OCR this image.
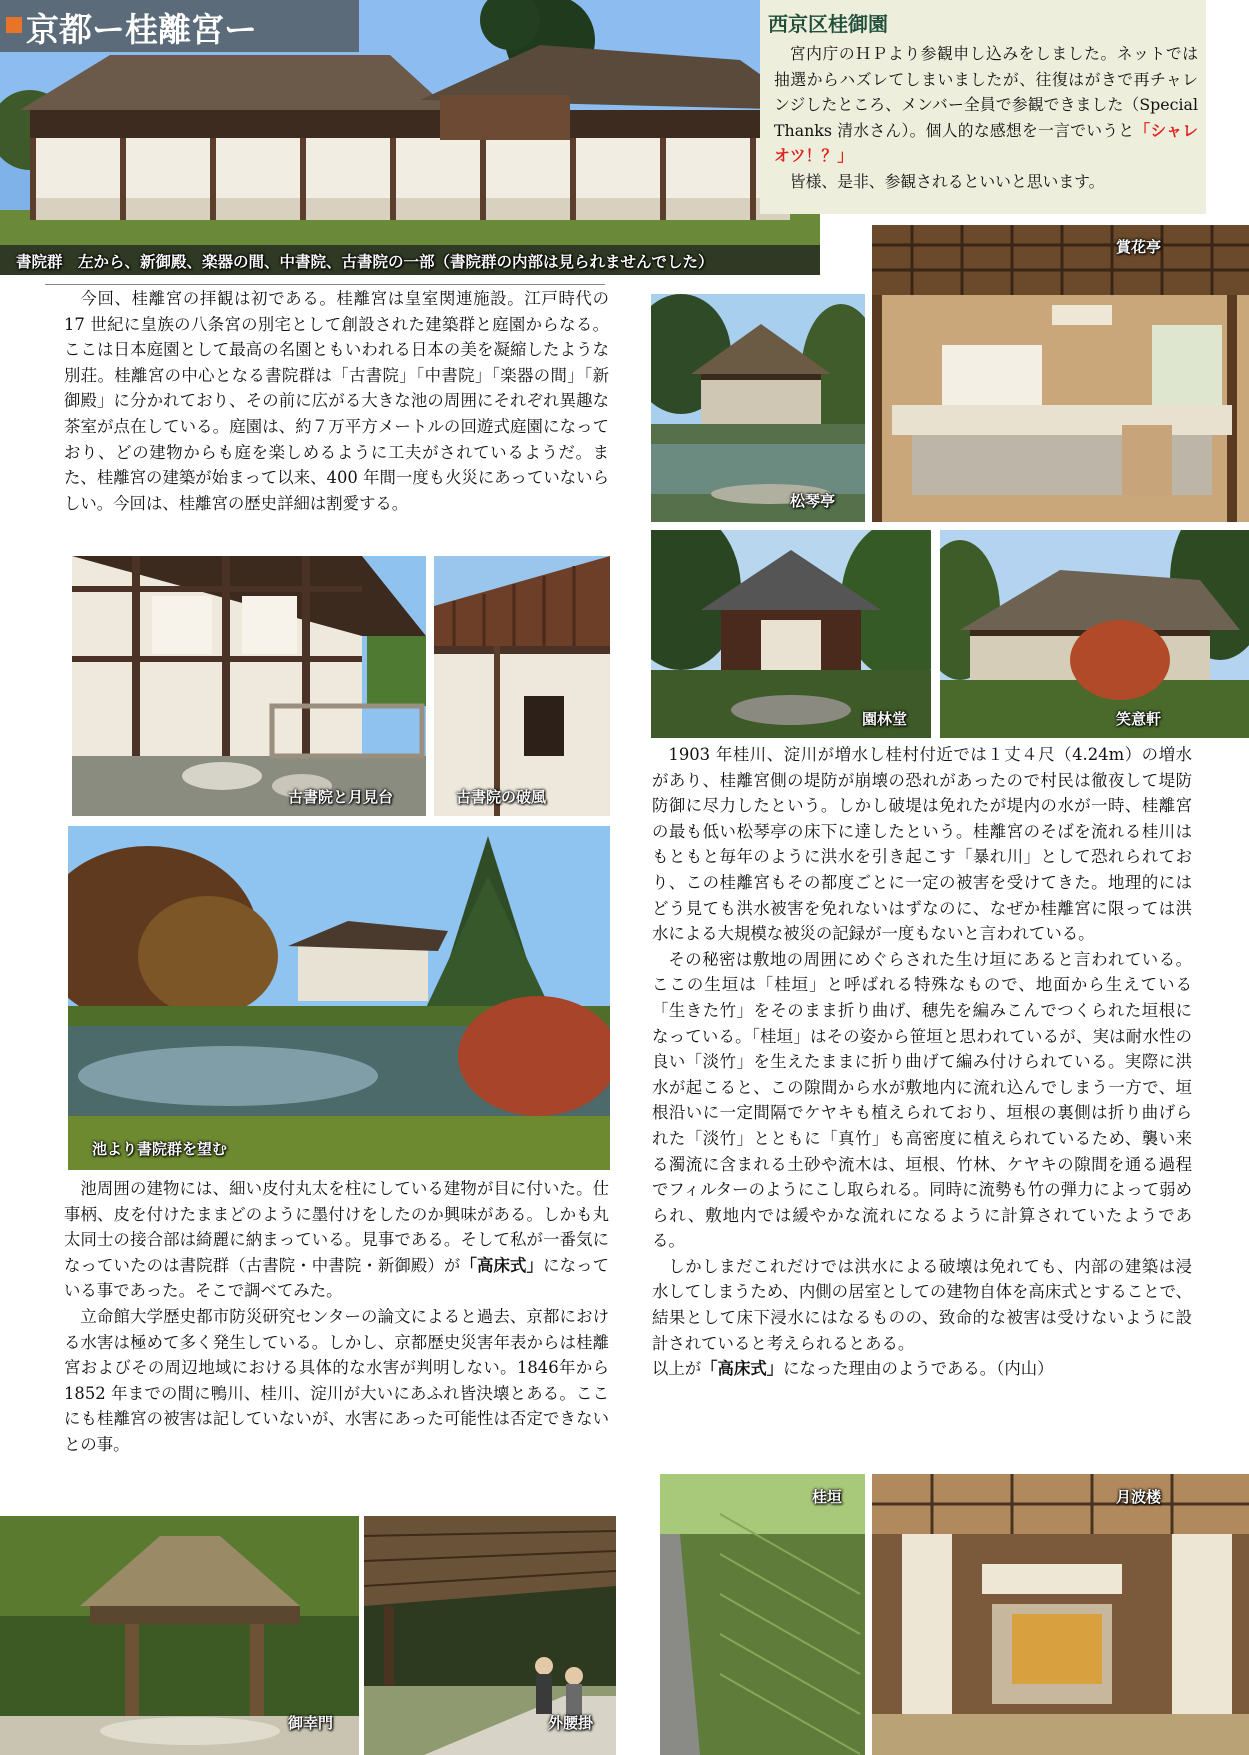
書院群　左から、新御殿、楽器の間、中書院、古書院の一部（書院群の内部は見られませんでした）
京都ー桂離宮ー	西京区桂御園

宮内庁のＨＰより参観申し込みをしました。ネットでは抽選からハズレてしまいましたが、往復はがきで再チャレンジしたところ、メンバー全員で参観できました（Special Thanks 清水さん）。個人的な感想を一言でいうと「シャレオツ！？」

皆様、是非、参観されるといいと思います。

今回、桂離宮の拝観は初である。桂離宮は皇室関連施設。江戸時代の 17 世紀に皇族の八条宮の別宅として創設された建築群と庭園からなる。ここは日本庭園として最高の名園ともいわれる日本の美を凝縮したような別荘。桂離宮の中心となる書院群は「古書院」「中書院」「楽器の間」「新御殿」に分かれており、その前に広がる大きな池の周囲にそれぞれ異趣な茶室が点在している。庭園は、約７万平方メートルの回遊式庭園になっており、どの建物からも庭を楽しめるように工夫がされているようだ。また、桂離宮の建築が始まって以来、400 年間一度も火災にあっていないらしい。今回は、桂離宮の歴史詳細は割愛する。

古書院と月見台	古書院の破風
池より書院群を望む

池周囲の建物には、細い皮付丸太を柱にしている建物が目に付いた。仕事柄、皮を付けたままどのように墨付けをしたのか興味がある。しかも丸太同士の接合部は綺麗に納まっている。見事である。そして私が一番気になっていたのは書院群（古書院・中書院・新御殿）が「高床式」になっている事であった。そこで調べてみた。

立命館大学歴史都市防災研究センターの論文によると過去、京都における水害は極めて多く発生している。しかし、京都歴史災害年表からは桂離宮およびその周辺地域における具体的な水害が判明しない。1846年から 1852 年までの間に鴨川、桂川、淀川が大いにあふれ皆決壊とある。ここにも桂離宮の被害は記していないが、水害にあった可能性は否定できないとの事。

御幸門	外腰掛
松琴亭
賞花亭
園林堂	笑意軒

1903 年桂川、淀川が増水し桂村付近では１丈４尺（4.24m）の増水があり、桂離宮側の堤防が崩壊の恐れがあったので村民は徹夜して堤防防御に尽力したという。しかし破堤は免れたが堤内の水が一時、桂離宮の最も低い松琴亭の床下に達したという。桂離宮のそばを流れる桂川はもともと毎年のように洪水を引き起こす「暴れ川」として恐れられており、この桂離宮もその都度ごとに一定の被害を受けてきた。地理的にはどう見ても洪水被害を免れないはずなのに、なぜか桂離宮に限っては洪水による大規模な被災の記録が一度もないと言われている。

その秘密は敷地の周囲にめぐらされた生け垣にあると言われている。ここの生垣は「桂垣」と呼ばれる特殊なもので、地面から生えている「生きた竹」をそのまま折り曲げ、穂先を編みこんでつくられた垣根になっている。「桂垣」はその姿から笹垣と思われているが、実は耐水性の良い「淡竹」を生えたままに折り曲げて編み付けられている。実際に洪水が起こると、この隙間から水が敷地内に流れ込んでしまう一方で、垣根沿いに一定間隔でケヤキも植えられており、垣根の裏側は折り曲げられた「淡竹」とともに「真竹」も高密度に植えられているため、襲い来る濁流に含まれる土砂や流木は、垣根、竹林、ケヤキの隙間を通る過程でフィルターのようにこし取られる。同時に流勢も竹の弾力によって弱められ、敷地内では緩やかな流れになるように計算されていたようである。

しかしまだこれだけでは洪水による破壊は免れても、内部の建築は浸水してしまうため、内側の居室としての建物自体を高床式とすることで、結果として床下浸水にはなるものの、致命的な被害は受けないように設計されていると考えられるとある。

以上が「高床式」になった理由のようである。（内山）

桂垣	月波楼
